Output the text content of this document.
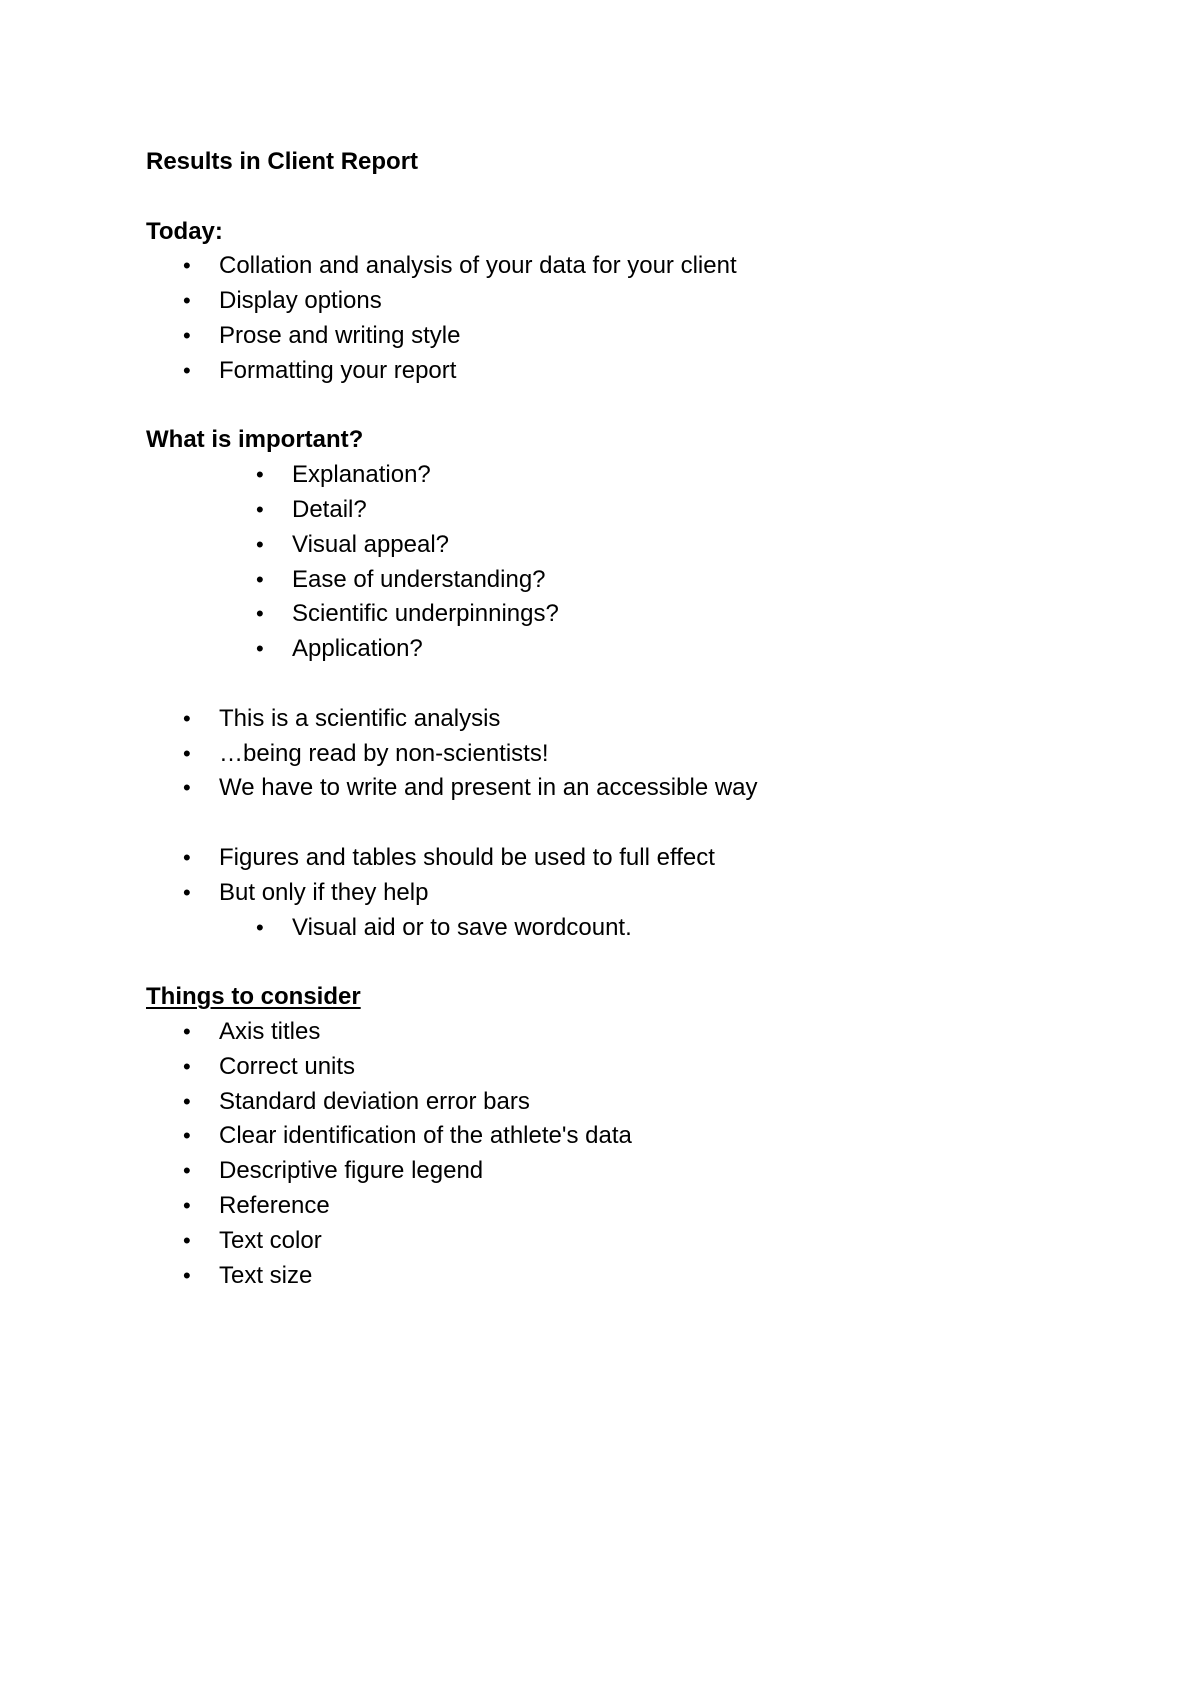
Results in Client Report
Today:
• Collation and analysis of your data for your client
• Display options
• Prose and writing style
• Formatting your report
What is important?
• Explanation?
• Detail?
• Visual appeal?
• Ease of understanding?
• Scientific underpinnings?
• Application?
• This is a scientific analysis
• …being read by non-scientists!
• We have to write and present in an accessible way
• Figures and tables should be used to full effect
• But only if they help
• Visual aid or to save wordcount.
Things to consider
• Axis titles
• Correct units
• Standard deviation error bars
• Clear identification of the athlete's data
• Descriptive figure legend
• Reference
• Text color
• Text size
